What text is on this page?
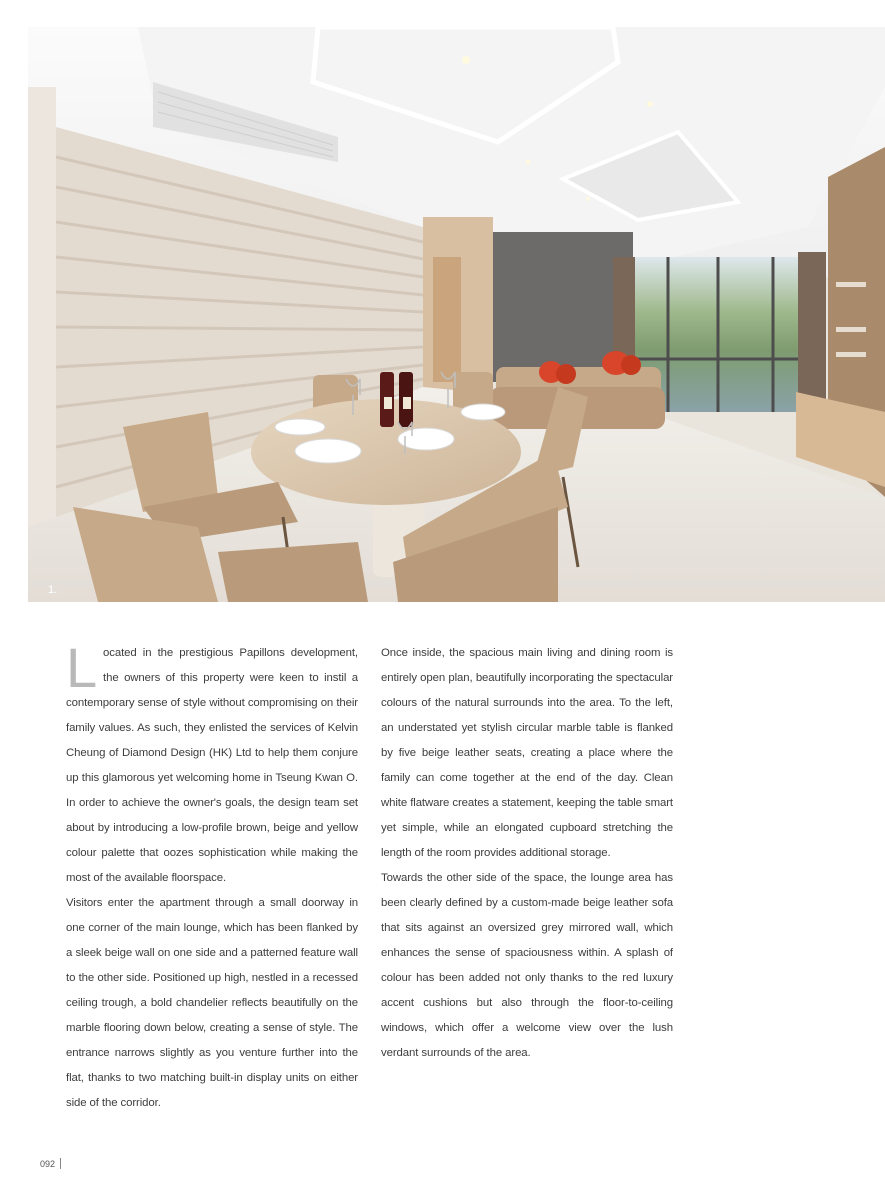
1.

Located in the prestigious Papillons development, the owners of this property were keen to instil a contemporary sense of style without compromising on their family values. As such, they enlisted the services of Kelvin Cheung of Diamond Design (HK) Ltd to help them conjure up this glamorous yet welcoming home in Tseung Kwan O. In order to achieve the owner's goals, the design team set about by introducing a low-profile brown, beige and yellow colour palette that oozes sophistication while making the most of the available floorspace.

Visitors enter the apartment through a small doorway in one corner of the main lounge, which has been flanked by a sleek beige wall on one side and a patterned feature wall to the other side. Positioned up high, nestled in a recessed ceiling trough, a bold chandelier reflects beautifully on the marble flooring down below, creating a sense of style. The entrance narrows slightly as you venture further into the flat, thanks to two matching built-in display units on either side of the corridor.

Once inside, the spacious main living and dining room is entirely open plan, beautifully incorporating the spectacular colours of the natural surrounds into the area. To the left, an understated yet stylish circular marble table is flanked by five beige leather seats, creating a place where the family can come together at the end of the day. Clean white flatware creates a statement, keeping the table smart yet simple, while an elongated cupboard stretching the length of the room provides additional storage.

Towards the other side of the space, the lounge area has been clearly defined by a custom-made beige leather sofa that sits against an oversized grey mirrored wall, which enhances the sense of spaciousness within. A splash of colour has been added not only thanks to the red luxury accent cushions but also through the floor-to-ceiling windows, which offer a welcome view over the lush verdant surrounds of the area.

092
